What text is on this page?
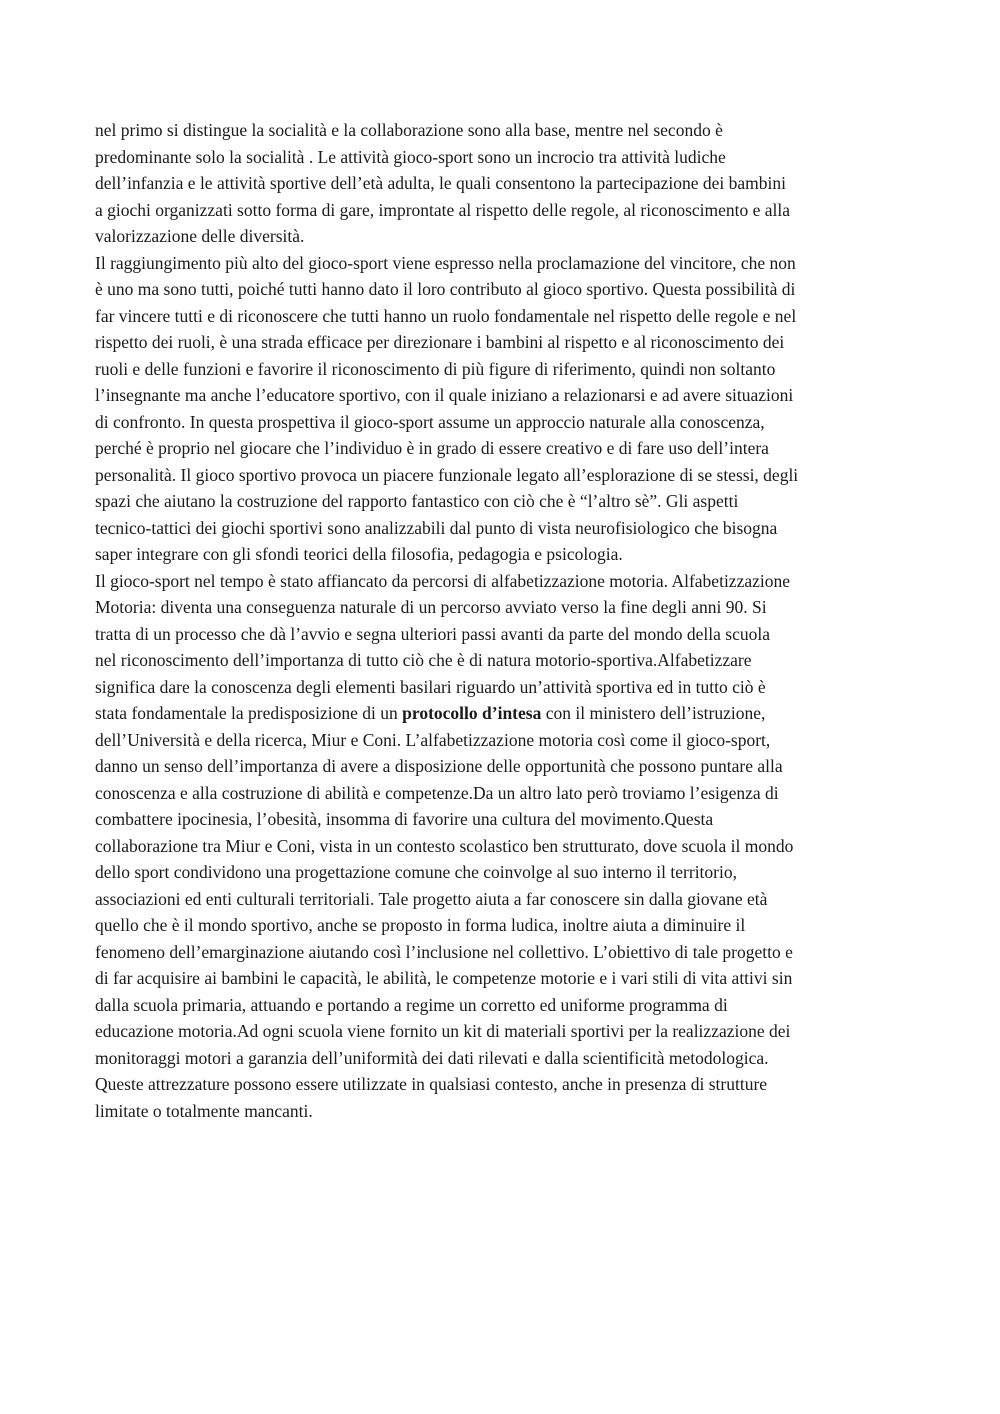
nel primo si distingue la socialità e la collaborazione sono alla base, mentre nel secondo è
predominante solo la socialità . Le attività gioco-sport sono un incrocio tra attività ludiche
dell’infanzia e le attività sportive dell’età adulta, le quali consentono la partecipazione dei bambini
a giochi organizzati sotto forma di gare, improntate al rispetto delle regole, al riconoscimento e alla
valorizzazione delle diversità.
Il raggiungimento più alto del gioco-sport viene espresso nella proclamazione del vincitore, che non
è uno ma sono tutti, poiché tutti hanno dato il loro contributo al gioco sportivo. Questa possibilità di
far vincere tutti e di riconoscere che tutti hanno un ruolo fondamentale nel rispetto delle regole e nel
rispetto dei ruoli, è una strada efficace per direzionare i bambini al rispetto e al riconoscimento dei
ruoli e delle funzioni e favorire il riconoscimento di più figure di riferimento, quindi non soltanto
l’insegnante ma anche l’educatore sportivo, con il quale iniziano a relazionarsi e ad avere situazioni
di confronto. In questa prospettiva il gioco-sport assume un approccio naturale alla conoscenza,
perché è proprio nel giocare che l’individuo è in grado di essere creativo e di fare uso dell’intera
personalità. Il gioco sportivo provoca un piacere funzionale legato all’esplorazione di se stessi, degli
spazi che aiutano la costruzione del rapporto fantastico con ciò che è “l’altro sè”. Gli aspetti
tecnico-tattici dei giochi sportivi sono analizzabili dal punto di vista neurofisiologico che bisogna
saper integrare con gli sfondi teorici della filosofia, pedagogia e psicologia.
Il gioco-sport nel tempo è stato affiancato da percorsi di alfabetizzazione motoria. Alfabetizzazione
Motoria: diventa una conseguenza naturale di un percorso avviato verso la fine degli anni 90. Si
tratta di un processo che dà l’avvio e segna ulteriori passi avanti da parte del mondo della scuola
nel riconoscimento dell’importanza di tutto ciò che è di natura motorio-sportiva.Alfabetizzare
significa dare la conoscenza degli elementi basilari riguardo un’attività sportiva ed in tutto ciò è
stata fondamentale la predisposizione di un protocollo d’intesa con il ministero dell’istruzione,
dell’Università e della ricerca, Miur e Coni. L’alfabetizzazione motoria così come il gioco-sport,
danno un senso dell’importanza di avere a disposizione delle opportunità che possono puntare alla
conoscenza e alla costruzione di abilità e competenze.Da un altro lato però troviamo l’esigenza di
combattere ipocinesia, l’obesità, insomma di favorire una cultura del movimento.Questa
collaborazione tra Miur e Coni, vista in un contesto scolastico ben strutturato, dove scuola il mondo
dello sport condividono una progettazione comune che coinvolge al suo interno il territorio,
associazioni ed enti culturali territoriali. Tale progetto aiuta a far conoscere sin dalla giovane età
quello che è il mondo sportivo, anche se proposto in forma ludica, inoltre aiuta a diminuire il
fenomeno dell’emarginazione aiutando così l’inclusione nel collettivo. L’obiettivo di tale progetto e
di far acquisire ai bambini le capacità, le abilità, le competenze motorie e i vari stili di vita attivi sin
dalla scuola primaria, attuando e portando a regime un corretto ed uniforme programma di
educazione motoria.Ad ogni scuola viene fornito un kit di materiali sportivi per la realizzazione dei
monitoraggi motori a garanzia dell’uniformità dei dati rilevati e dalla scientificità metodologica.
Queste attrezzature possono essere utilizzate in qualsiasi contesto, anche in presenza di strutture
limitate o totalmente mancanti.
